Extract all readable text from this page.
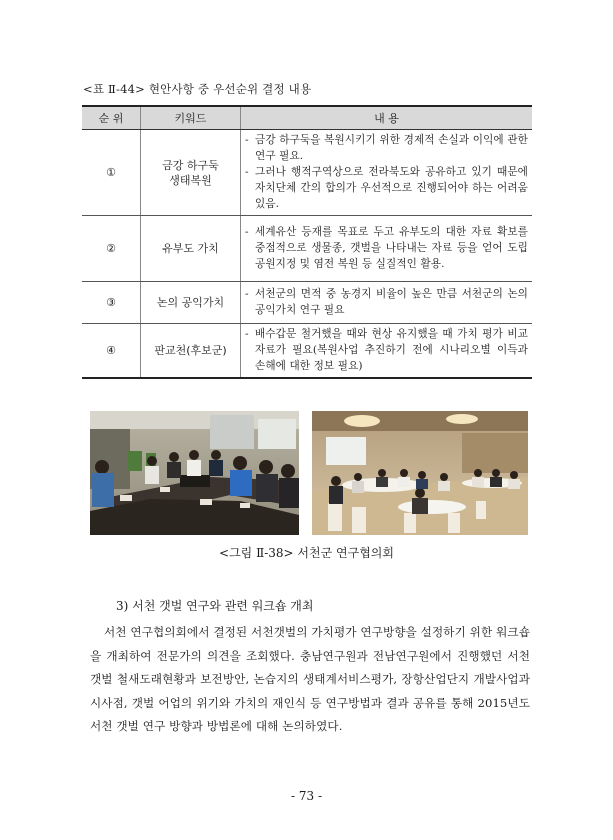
<표 Ⅱ-44> 현안사항 중 우선순위 결정 내용
순 위	키워드	내 용
①	금강 하구둑 생태복원	- 금강 하구둑을 복원시키기 위한 경제적 손실과 이익에 관한 연구 필요.
- 그러나 행적구역상으로 전라북도와 공유하고 있기 때문에 자치단체 간의 합의가 우선적으로 진행되어야 하는 어려움 있음.

②	유부도 가치	- 세계유산 등재를 목표로 두고 유부도의 대한 자료 확보를 중점적으로 생물종, 갯벌을 나타내는 자료 등을 얻어 도립공원지정 및 염전 복원 등 실질적인 활용.

③	논의 공익가치	- 서천군의 면적 중 농경지 비율이 높은 만큼 서천군의 논의 공익가치 연구 필요

④	판교천(후보군)	- 배수갑문 철거했을 때와 현상 유지했을 때 가치 평가 비교 자료가 필요(복원사업 추진하기 전에 시나리오별 이득과 손해에 대한 정보 필요)
<그림 Ⅱ-38> 서천군 연구협의회
3) 서천 갯벌 연구와 관련 워크숍 개최

서천 연구협의회에서 결정된 서천갯벌의 가치평가 연구방향을 설정하기 위한 워크숍을 개최하여 전문가의 의견을 조회했다. 충남연구원과 전남연구원에서 진행했던 서천갯벌 철새도래현황과 보전방안, 논습지의 생태계서비스평가, 장항산업단지 개발사업과 시사점, 갯벌 어업의 위기와 가치의 재인식 등 연구방법과 결과 공유를 통해 2015년도 서천 갯벌 연구 방향과 방법론에 대해 논의하였다.

- 73 -
